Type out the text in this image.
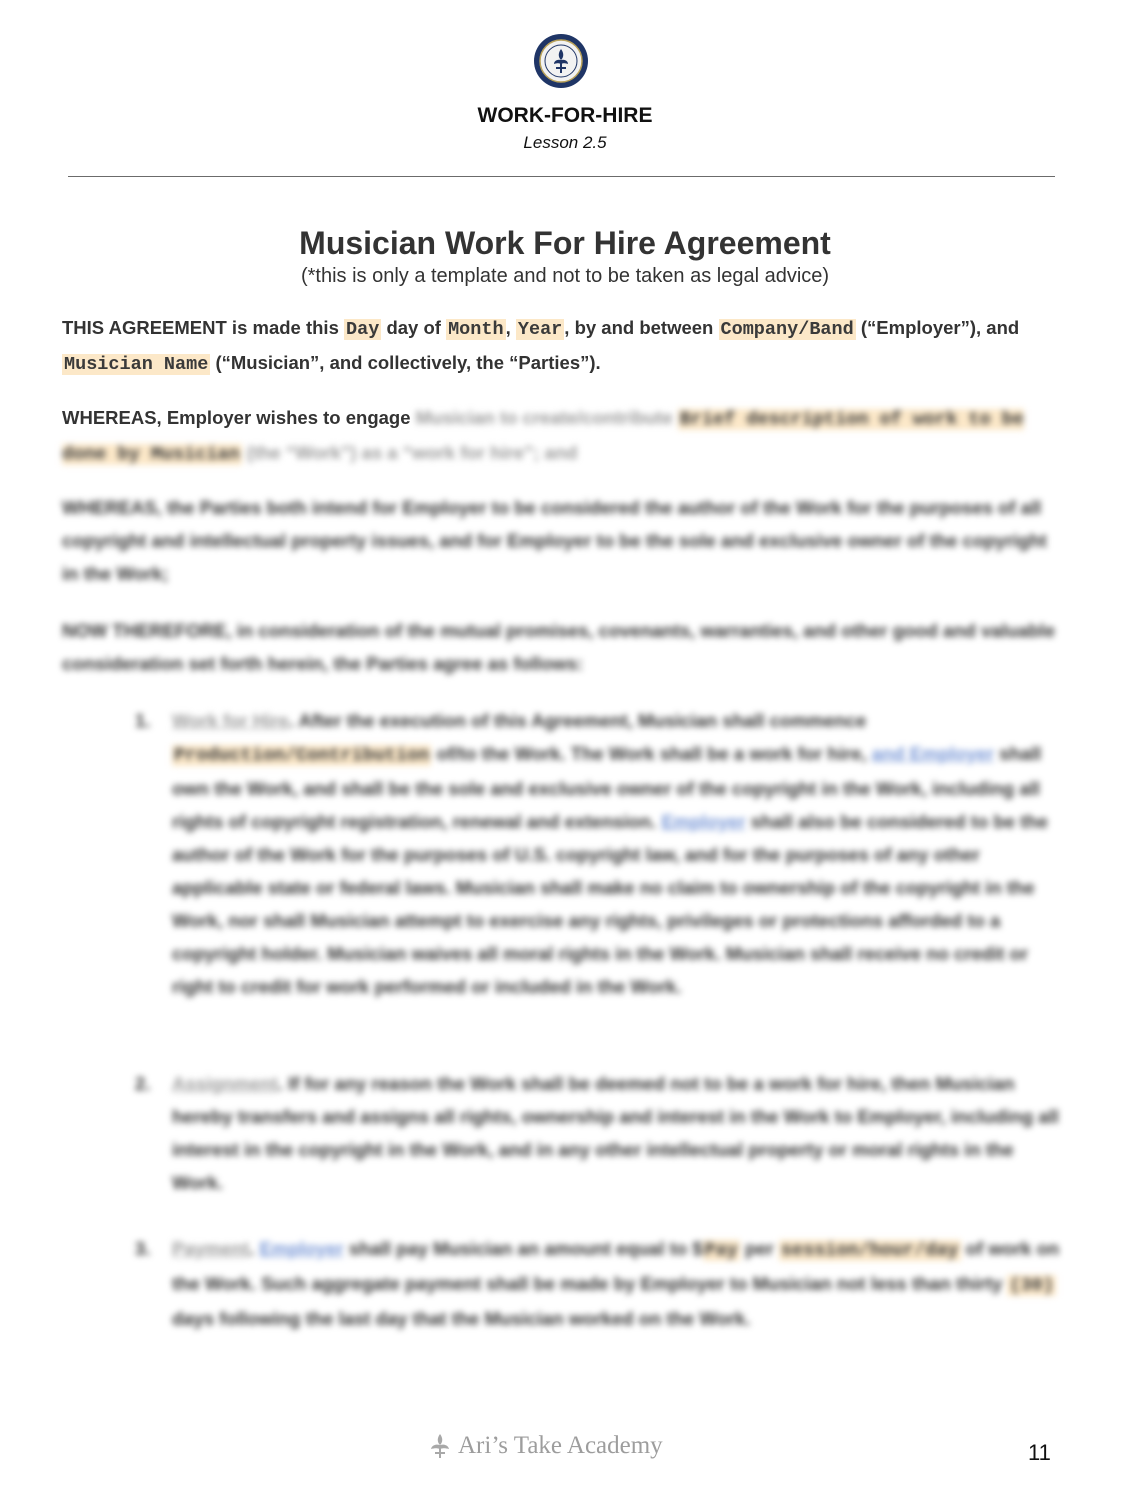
WORK-FOR-HIRE
Lesson 2.5
Musician Work For Hire Agreement
(*this is only a template and not to be taken as legal advice)

THIS AGREEMENT is made this Day day of Month , Year , by and between Company/Band (“Employer”), and Musician Name (“Musician”, and collectively, the “Parties”).

WHEREAS, Employer wishes to engage Musician to create/contribute Brief description of work to be done by Musician (the “Work”) as a “work for hire”; and

WHEREAS, the Parties both intend for Employer to be considered the author of the Work for the purposes of all copyright and intellectual property issues, and for Employer to be the sole and exclusive owner of the copyright in the Work;

NOW THEREFORE, in consideration of the mutual promises, covenants, warranties, and other good and valuable consideration set forth herein, the Parties agree as follows:

1.	Work for Hire. After the execution of this Agreement, Musician shall commence Production/Contribution of/to the Work. The Work shall be a work for hire, and Employer shall own the Work, and shall be the sole and exclusive owner of the copyright in the Work, including all rights of copyright registration, renewal and extension. Employer shall also be considered to be the author of the Work for the purposes of U.S. copyright law, and for the purposes of any other applicable state or federal laws. Musician shall make no claim to ownership of the copyright in the Work, nor shall Musician attempt to exercise any rights, privileges or protections afforded to a copyright holder. Musician waives all moral rights in the Work. Musician shall receive no credit or right to credit for work performed or included in the Work.

2.	Assignment. If for any reason the Work shall be deemed not to be a work for hire, then Musician hereby transfers and assigns all rights, ownership and interest in the Work to Employer, including all interest in the copyright in the Work, and in any other intellectual property or moral rights in the Work.

3.	Payment. Employer shall pay Musician an amount equal to $ Pay per session/hour/day of work on the Work. Such aggregate payment shall be made by Employer to Musician not less than thirty (30) days following the last day that the Musician worked on the Work.

Ari’s Take Academy	11
